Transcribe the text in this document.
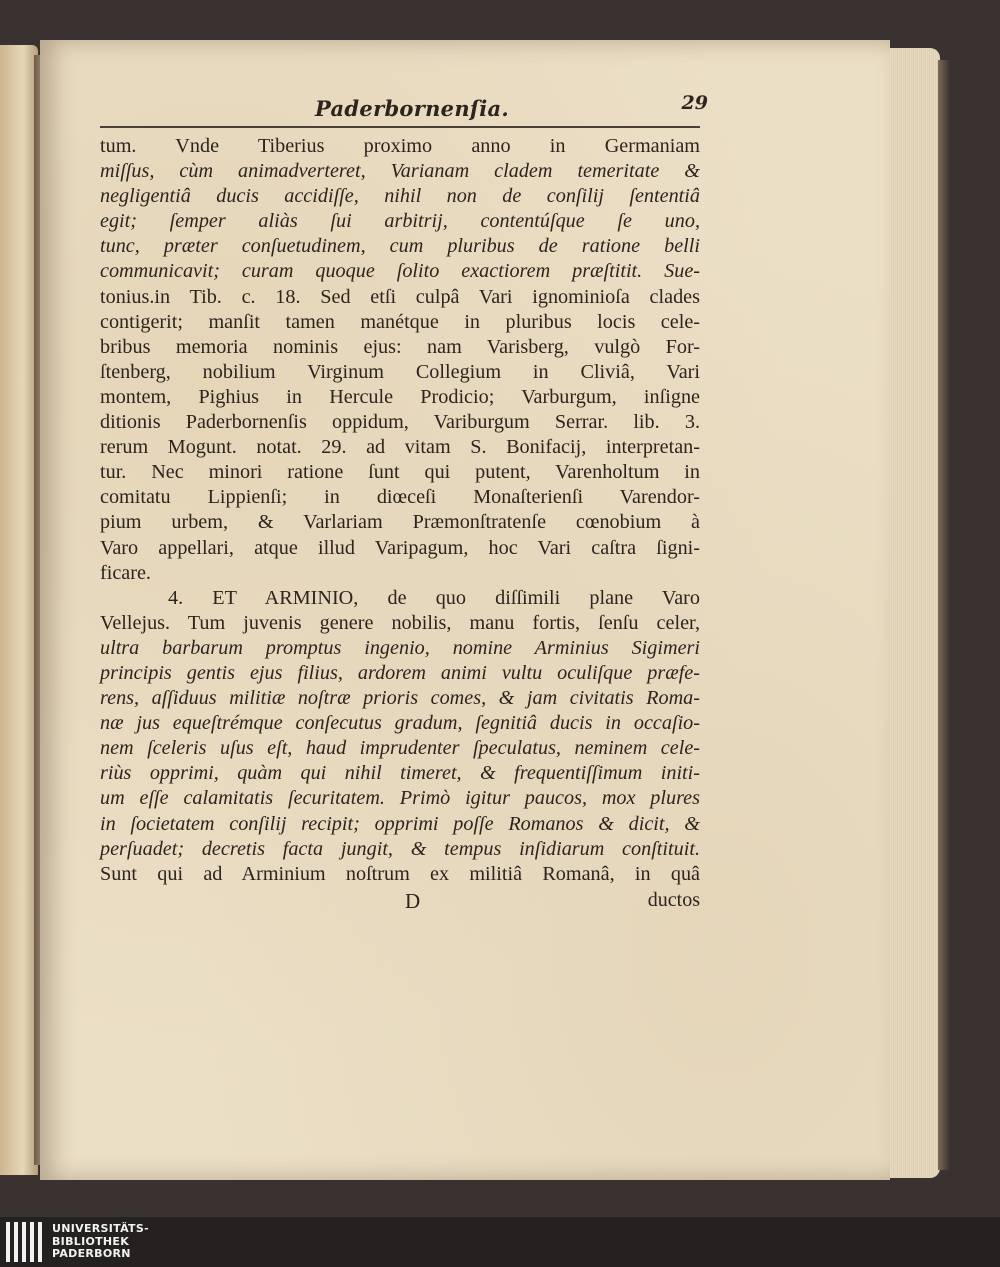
Paderbornenſia.	29
tum. Vnde Tiberius proximo anno in Germaniam
miſſus, cùm animadverteret, Varianam cladem temeritate &
negligentiâ ducis accidiſſe, nihil non de conſilij ſententiâ
egit; ſemper aliàs ſui arbitrij, contentúſque ſe uno,
tunc, præter conſuetudinem, cum pluribus de ratione belli
communicavit; curam quoque ſolito exactiorem præſtitit. Sue-
tonius.in Tib. c. 18. Sed etſi culpâ Vari ignominioſa clades
contigerit; manſit tamen manétque in pluribus locis cele-
bribus memoria nominis ejus: nam Varisberg, vulgò For-
ſtenberg, nobilium Virginum Collegium in Cliviâ, Vari
montem, Pighius in Hercule Prodicio; Varburgum, inſigne
ditionis Paderbornenſis oppidum, Variburgum Serrar. lib. 3.
rerum Mogunt. notat. 29. ad vitam S. Bonifacij, interpretan-
tur. Nec minori ratione ſunt qui putent, Varenholtum in
comitatu Lippienſi; in diœceſi Monaſterienſi Varendor-
pium urbem, & Varlariam Præmonſtratenſe cœnobium à
Varo appellari, atque illud Varipagum, hoc Vari caſtra ſigni-
ficare.
4. ET ARMINIO, de quo diſſimili plane Varo
Vellejus. Tum juvenis genere nobilis, manu fortis, ſenſu celer,
ultra barbarum promptus ingenio, nomine Arminius Sigimeri
principis gentis ejus filius, ardorem animi vultu oculiſque præfe-
rens, aſſiduus militiæ noſtræ prioris comes, & jam civitatis Roma-
næ jus equeſtrémque conſecutus gradum, ſegnitiâ ducis in occaſio-
nem ſceleris uſus eſt, haud imprudenter ſpeculatus, neminem cele-
riùs opprimi, quàm qui nihil timeret, & frequentiſſimum initi-
um eſſe calamitatis ſecuritatem. Primò igitur paucos, mox plures
in ſocietatem conſilij recipit; opprimi poſſe Romanos & dicit, &
perſuadet; decretis facta jungit, & tempus inſidiarum conſtituit.
Sunt qui ad Arminium noſtrum ex militiâ Romanâ, in quâ
D	ductos
UNIVERSITÄTS-
BIBLIOTHEK
PADERBORN
